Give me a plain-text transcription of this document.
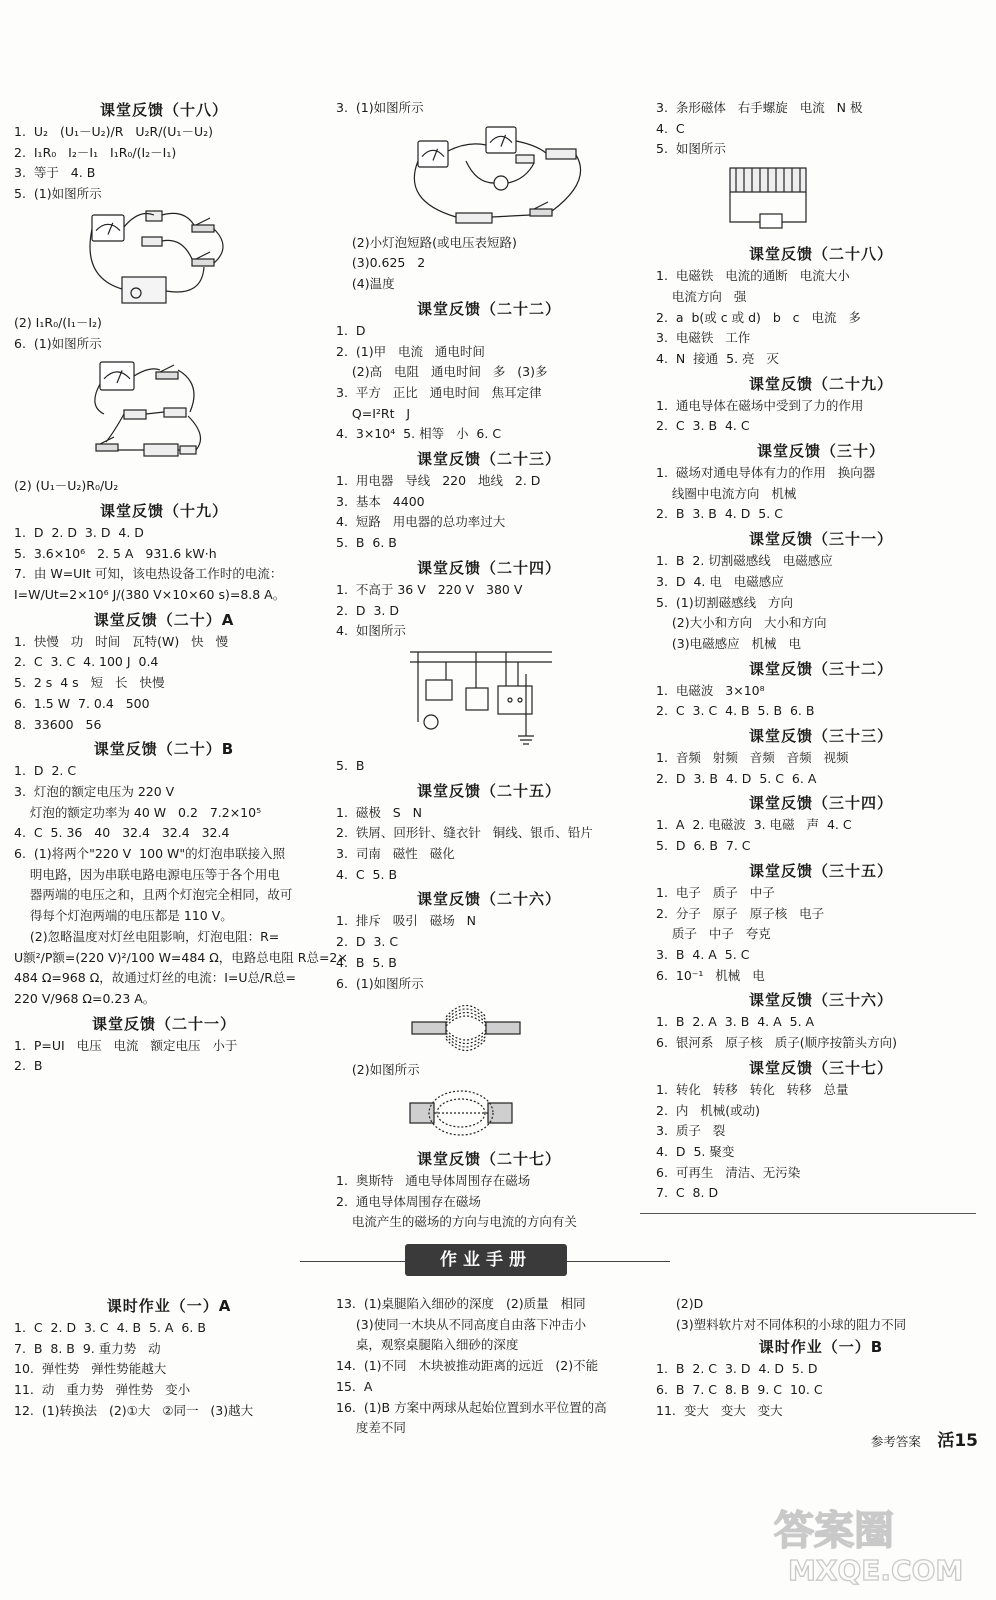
课堂反馈（十八）
1.  U₂   (U₁－U₂)/R   U₂R/(U₁－U₂)
2.  I₁R₀   I₂－I₁   I₁R₀/(I₂－I₁)
3.  等于   4. B
5.  (1)如图所示
(2) I₁R₀/(I₁－I₂)
6.  (1)如图所示
(2) (U₁－U₂)R₀/U₂
课堂反馈（十九）
1.  D  2. D  3. D  4. D
5.  3.6×10⁶   2. 5 A   931.6 kW·h
7.  由 W=UIt 可知，该电热设备工作时的电流：
I=W/Ut=2×10⁶ J/(380 V×10×60 s)=8.8 A。
课堂反馈（二十）A
1.  快慢   功   时间   瓦特(W)   快   慢
2.  C  3. C  4. 100 J  0.4
5.  2 s  4 s   短   长   快慢
6.  1.5 W  7. 0.4   500
8.  33600   56
课堂反馈（二十）B
1.  D  2. C
3.  灯泡的额定电压为 220 V
灯泡的额定功率为 40 W   0.2   7.2×10⁵
4.  C  5. 36   40   32.4   32.4   32.4
6.  (1)将两个"220 V  100 W"的灯泡串联接入照
明电路，因为串联电路电源电压等于各个用电
器两端的电压之和，且两个灯泡完全相同，故可
得每个灯泡两端的电压都是 110 V。
(2)忽略温度对灯丝电阻影响，灯泡电阻：R=
U额²/P额=(220 V)²/100 W=484 Ω，电路总电阻 R总=2×
484 Ω=968 Ω，故通过灯丝的电流：I=U总/R总=
220 V/968 Ω=0.23 A。
课堂反馈（二十一）
1.  P=UI   电压   电流   额定电压   小于
2.  B
3.  (1)如图所示
(2)小灯泡短路(或电压表短路)
(3)0.625   2
(4)温度
课堂反馈（二十二）
1.  D
2.  (1)甲   电流   通电时间
(2)高   电阻   通电时间   多   (3)多
3.  平方   正比   通电时间   焦耳定律
Q=I²Rt   J
4.  3×10⁴  5. 相等   小  6. C
课堂反馈（二十三）
1.  用电器   导线   220   地线   2. D
3.  基本   4400
4.  短路   用电器的总功率过大
5.  B  6. B
课堂反馈（二十四）
1.  不高于 36 V   220 V   380 V
2.  D  3. D
4.  如图所示
5.  B
课堂反馈（二十五）
1.  磁极   S   N
2.  铁屑、回形针、缝衣针   铜线、银币、铅片
3.  司南   磁性   磁化
4.  C  5. B
课堂反馈（二十六）
1.  排斥   吸引   磁场   N
2.  D  3. C
4.  B  5. B
6.  (1)如图所示
(2)如图所示
课堂反馈（二十七）
1.  奥斯特   通电导体周围存在磁场
2.  通电导体周围存在磁场
电流产生的磁场的方向与电流的方向有关
3.  条形磁体   右手螺旋   电流   N 极
4.  C
5.  如图所示
课堂反馈（二十八）
1.  电磁铁   电流的通断   电流大小
电流方向   强
2.  a  b(或 c 或 d)   b   c   电流   多
3.  电磁铁   工作
4.  N  接通  5. 亮   灭
课堂反馈（二十九）
1.  通电导体在磁场中受到了力的作用
2.  C  3. B  4. C
课堂反馈（三十）
1.  磁场对通电导体有力的作用   换向器
线圈中电流方向   机械
2.  B  3. B  4. D  5. C
课堂反馈（三十一）
1.  B  2. 切割磁感线   电磁感应
3.  D  4. 电   电磁感应
5.  (1)切割磁感线   方向
(2)大小和方向   大小和方向
(3)电磁感应   机械   电
课堂反馈（三十二）
1.  电磁波   3×10⁸
2.  C  3. C  4. B  5. B  6. B
课堂反馈（三十三）
1.  音频   射频   音频   音频   视频
2.  D  3. B  4. D  5. C  6. A
课堂反馈（三十四）
1.  A  2. 电磁波  3. 电磁   声  4. C
5.  D  6. B  7. C
课堂反馈（三十五）
1.  电子   质子   中子
2.  分子   原子   原子核   电子
质子   中子   夸克
3.  B  4. A  5. C
6.  10⁻¹   机械   电
课堂反馈（三十六）
1.  B  2. A  3. B  4. A  5. A
6.  银河系   原子核   质子(顺序按箭头方向)
课堂反馈（三十七）
1.  转化   转移   转化   转移   总量
2.  内   机械(或动)
3.  质子   裂
4.  D  5. 聚变
6.  可再生   清洁、无污染
7.  C  8. D
作业手册
课时作业（一）A
1.  C  2. D  3. C  4. B  5. A  6. B
7.  B  8. B  9. 重力势   动
10.  弹性势   弹性势能越大
11.  动   重力势   弹性势   变小
12.  (1)转换法   (2)①大   ②同一   (3)越大
13.  (1)桌腿陷入细砂的深度   (2)质量   相同
(3)使同一木块从不同高度自由落下冲击小
桌，观察桌腿陷入细砂的深度
14.  (1)不同   木块被推动距离的远近   (2)不能
15.  A
16.  (1)B 方案中两球从起始位置到水平位置的高
度差不同
(2)D
(3)塑料软片对不同体积的小球的阻力不同
课时作业（一）B
1.  B  2. C  3. D  4. D  5. D
6.  B  7. C  8. B  9. C  10. C
11.  变大   变大   变大
参考答案 活15
答案圈
MXQE.COM
